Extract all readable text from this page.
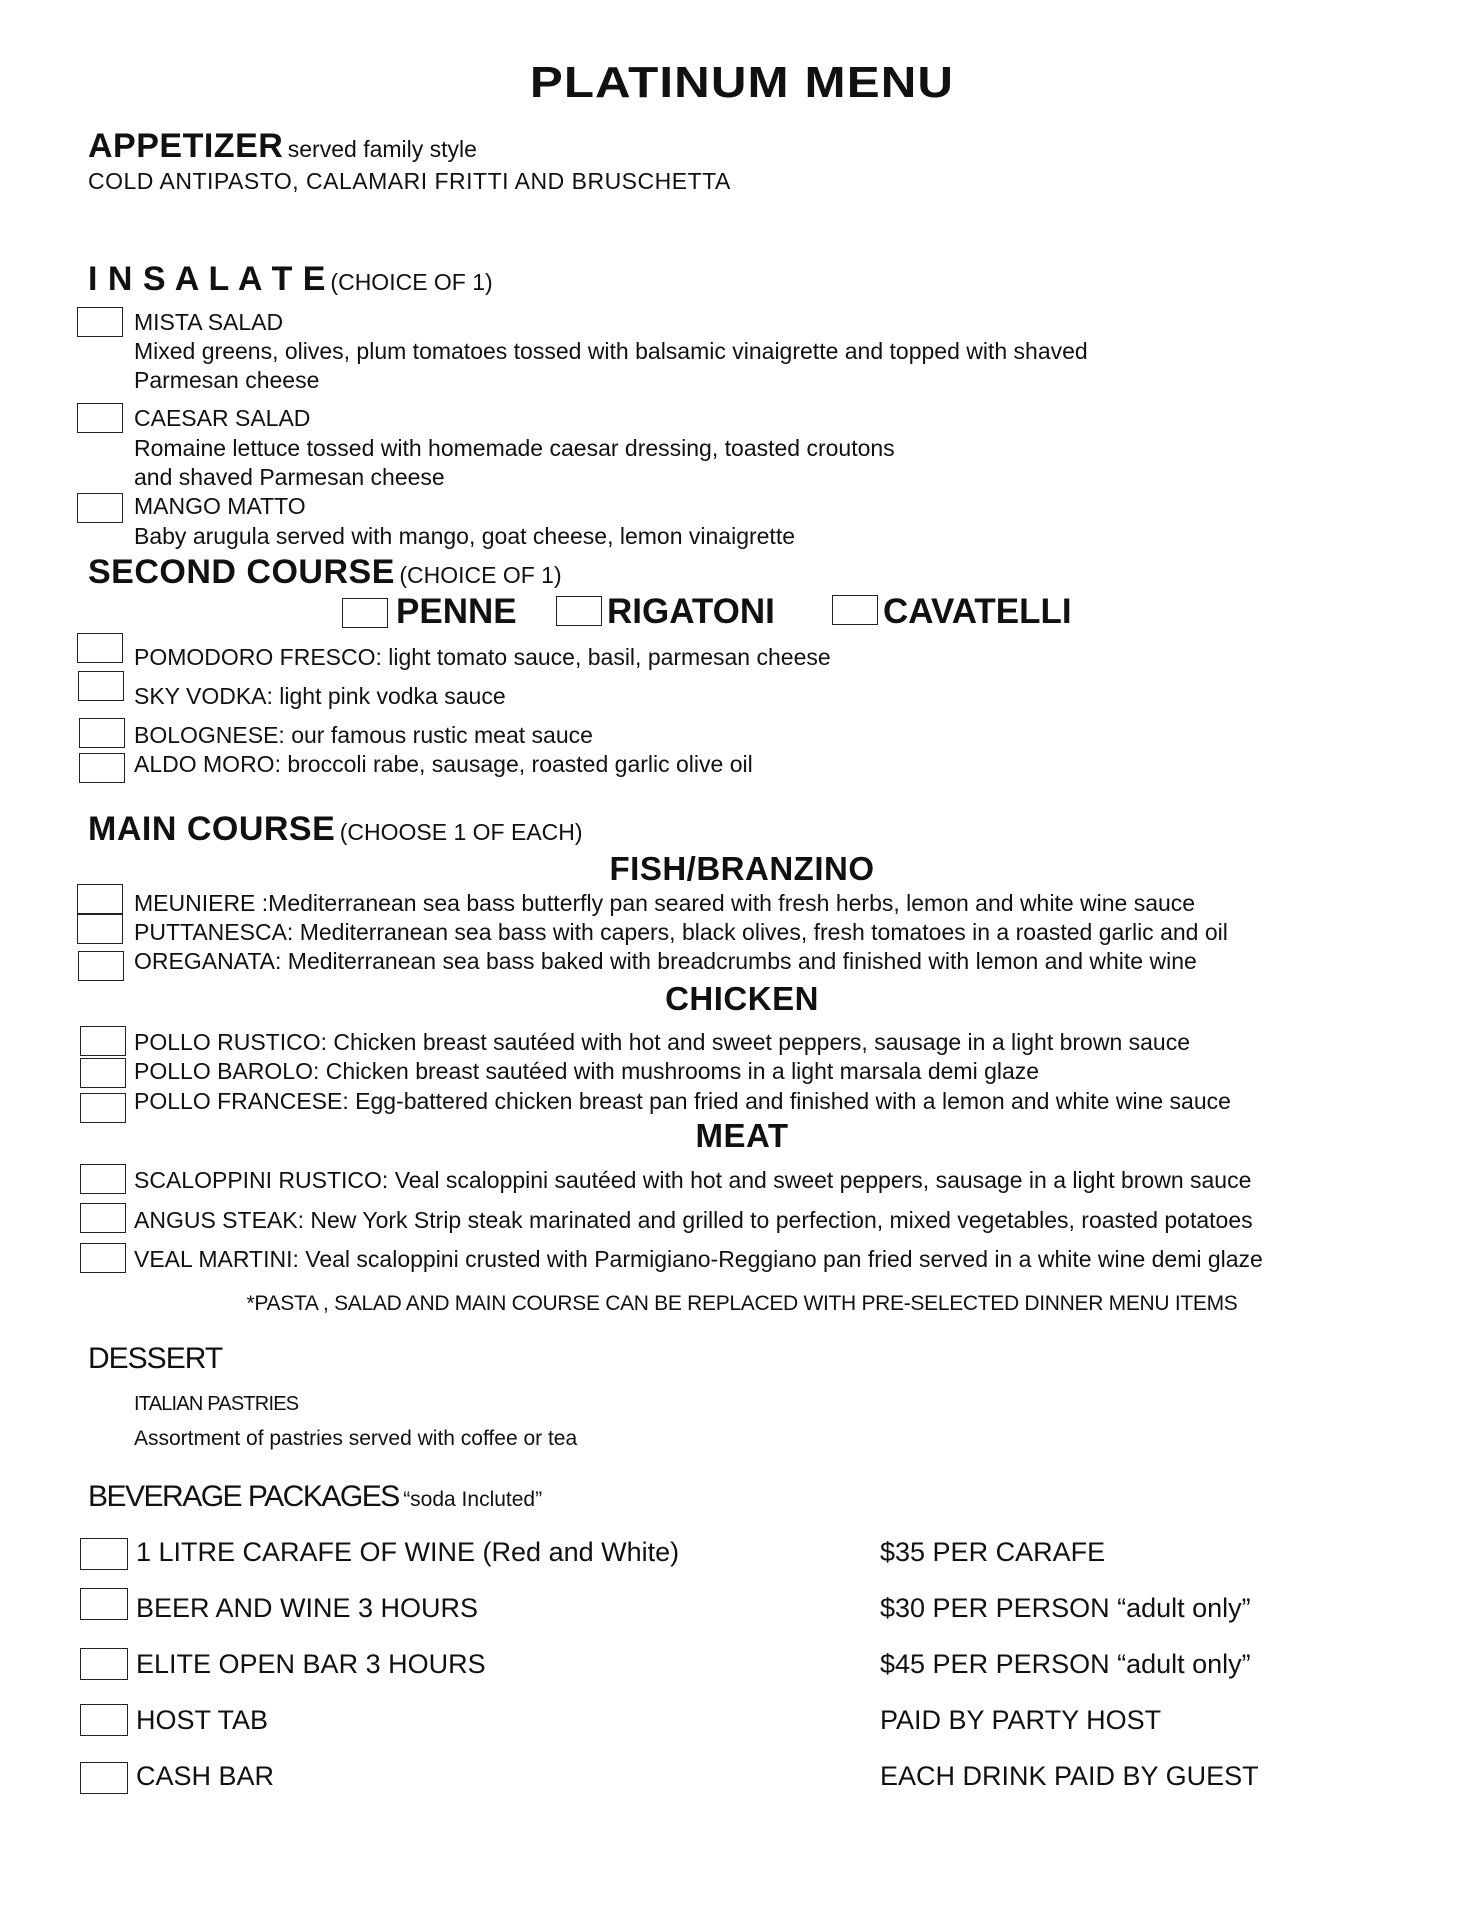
PLATINUM MENU
APPETIZER served family style
COLD ANTIPASTO, CALAMARI FRITTI AND BRUSCHETTA
I N S A L A T E (CHOICE OF 1)
MISTA SALAD
Mixed greens, olives, plum tomatoes tossed with balsamic vinaigrette and topped with shaved
Parmesan cheese
CAESAR SALAD
Romaine lettuce tossed with homemade caesar dressing, toasted croutons
and shaved Parmesan cheese
MANGO MATTO
Baby arugula served with mango, goat cheese, lemon vinaigrette
SECOND COURSE (CHOICE OF 1)
PENNE	RIGATONI	CAVATELLI
POMODORO FRESCO: light tomato sauce, basil, parmesan cheese
SKY VODKA: light pink vodka sauce
BOLOGNESE: our famous rustic meat sauce
ALDO MORO: broccoli rabe, sausage, roasted garlic olive oil
MAIN COURSE (CHOOSE 1 OF EACH)
FISH/BRANZINO
MEUNIERE :Mediterranean sea bass butterfly pan seared with fresh herbs, lemon and white wine sauce
PUTTANESCA: Mediterranean sea bass with capers, black olives, fresh tomatoes in a roasted garlic and oil
OREGANATA: Mediterranean sea bass baked with breadcrumbs and finished with lemon and white wine
CHICKEN
POLLO RUSTICO: Chicken breast sautéed with hot and sweet peppers, sausage in a light brown sauce
POLLO BAROLO: Chicken breast sautéed with mushrooms in a light marsala demi glaze
POLLO FRANCESE: Egg-battered chicken breast pan fried and finished with a lemon and white wine sauce
MEAT
SCALOPPINI RUSTICO: Veal scaloppini sautéed with hot and sweet peppers, sausage in a light brown sauce
ANGUS STEAK: New York Strip steak marinated and grilled to perfection, mixed vegetables, roasted potatoes
VEAL MARTINI: Veal scaloppini crusted with Parmigiano-Reggiano pan fried served in a white wine demi glaze
*PASTA , SALAD AND MAIN COURSE CAN BE REPLACED WITH PRE-SELECTED DINNER MENU ITEMS
DESSERT
ITALIAN PASTRIES
Assortment of pastries served with coffee or tea
BEVERAGE PACKAGES “soda Incluted”
1 LITRE CARAFE OF WINE (Red and White)	$35 PER CARAFE
BEER AND WINE 3 HOURS	$30 PER PERSON “adult only”
ELITE OPEN BAR 3 HOURS	$45 PER PERSON “adult only”
HOST TAB	PAID BY PARTY HOST
CASH BAR	EACH DRINK PAID BY GUEST
